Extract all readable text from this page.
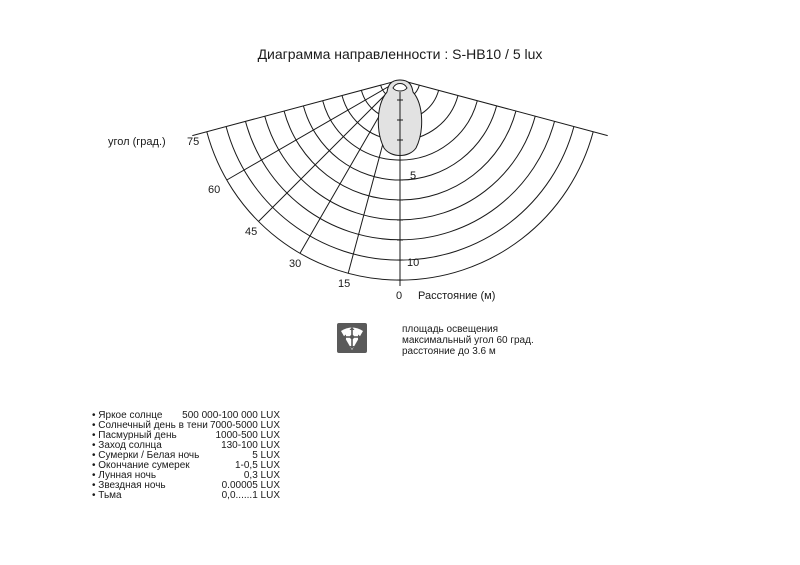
Диаграмма направленности : S-HB10 / 5 lux
угол (град.) 75
60
45
30
15
5
10
0 Расстояние (м)
площадь освещения
максимальный угол 60 град.
расстояние до 3.6 м
• Яркое солнце 500 000-100 000 LUX
• Солнечный день в тени 7000-5000 LUX
• Пасмурный день	1000-500 LUX
• Заход солнца	130-100 LUX
• Сумерки / Белая ночь	5 LUX
• Окончание сумерек	1-0,5 LUX
• Лунная ночь	0,3 LUX
• Звездная ночь	0.00005 LUX
• Тьма	0,0......1 LUX
